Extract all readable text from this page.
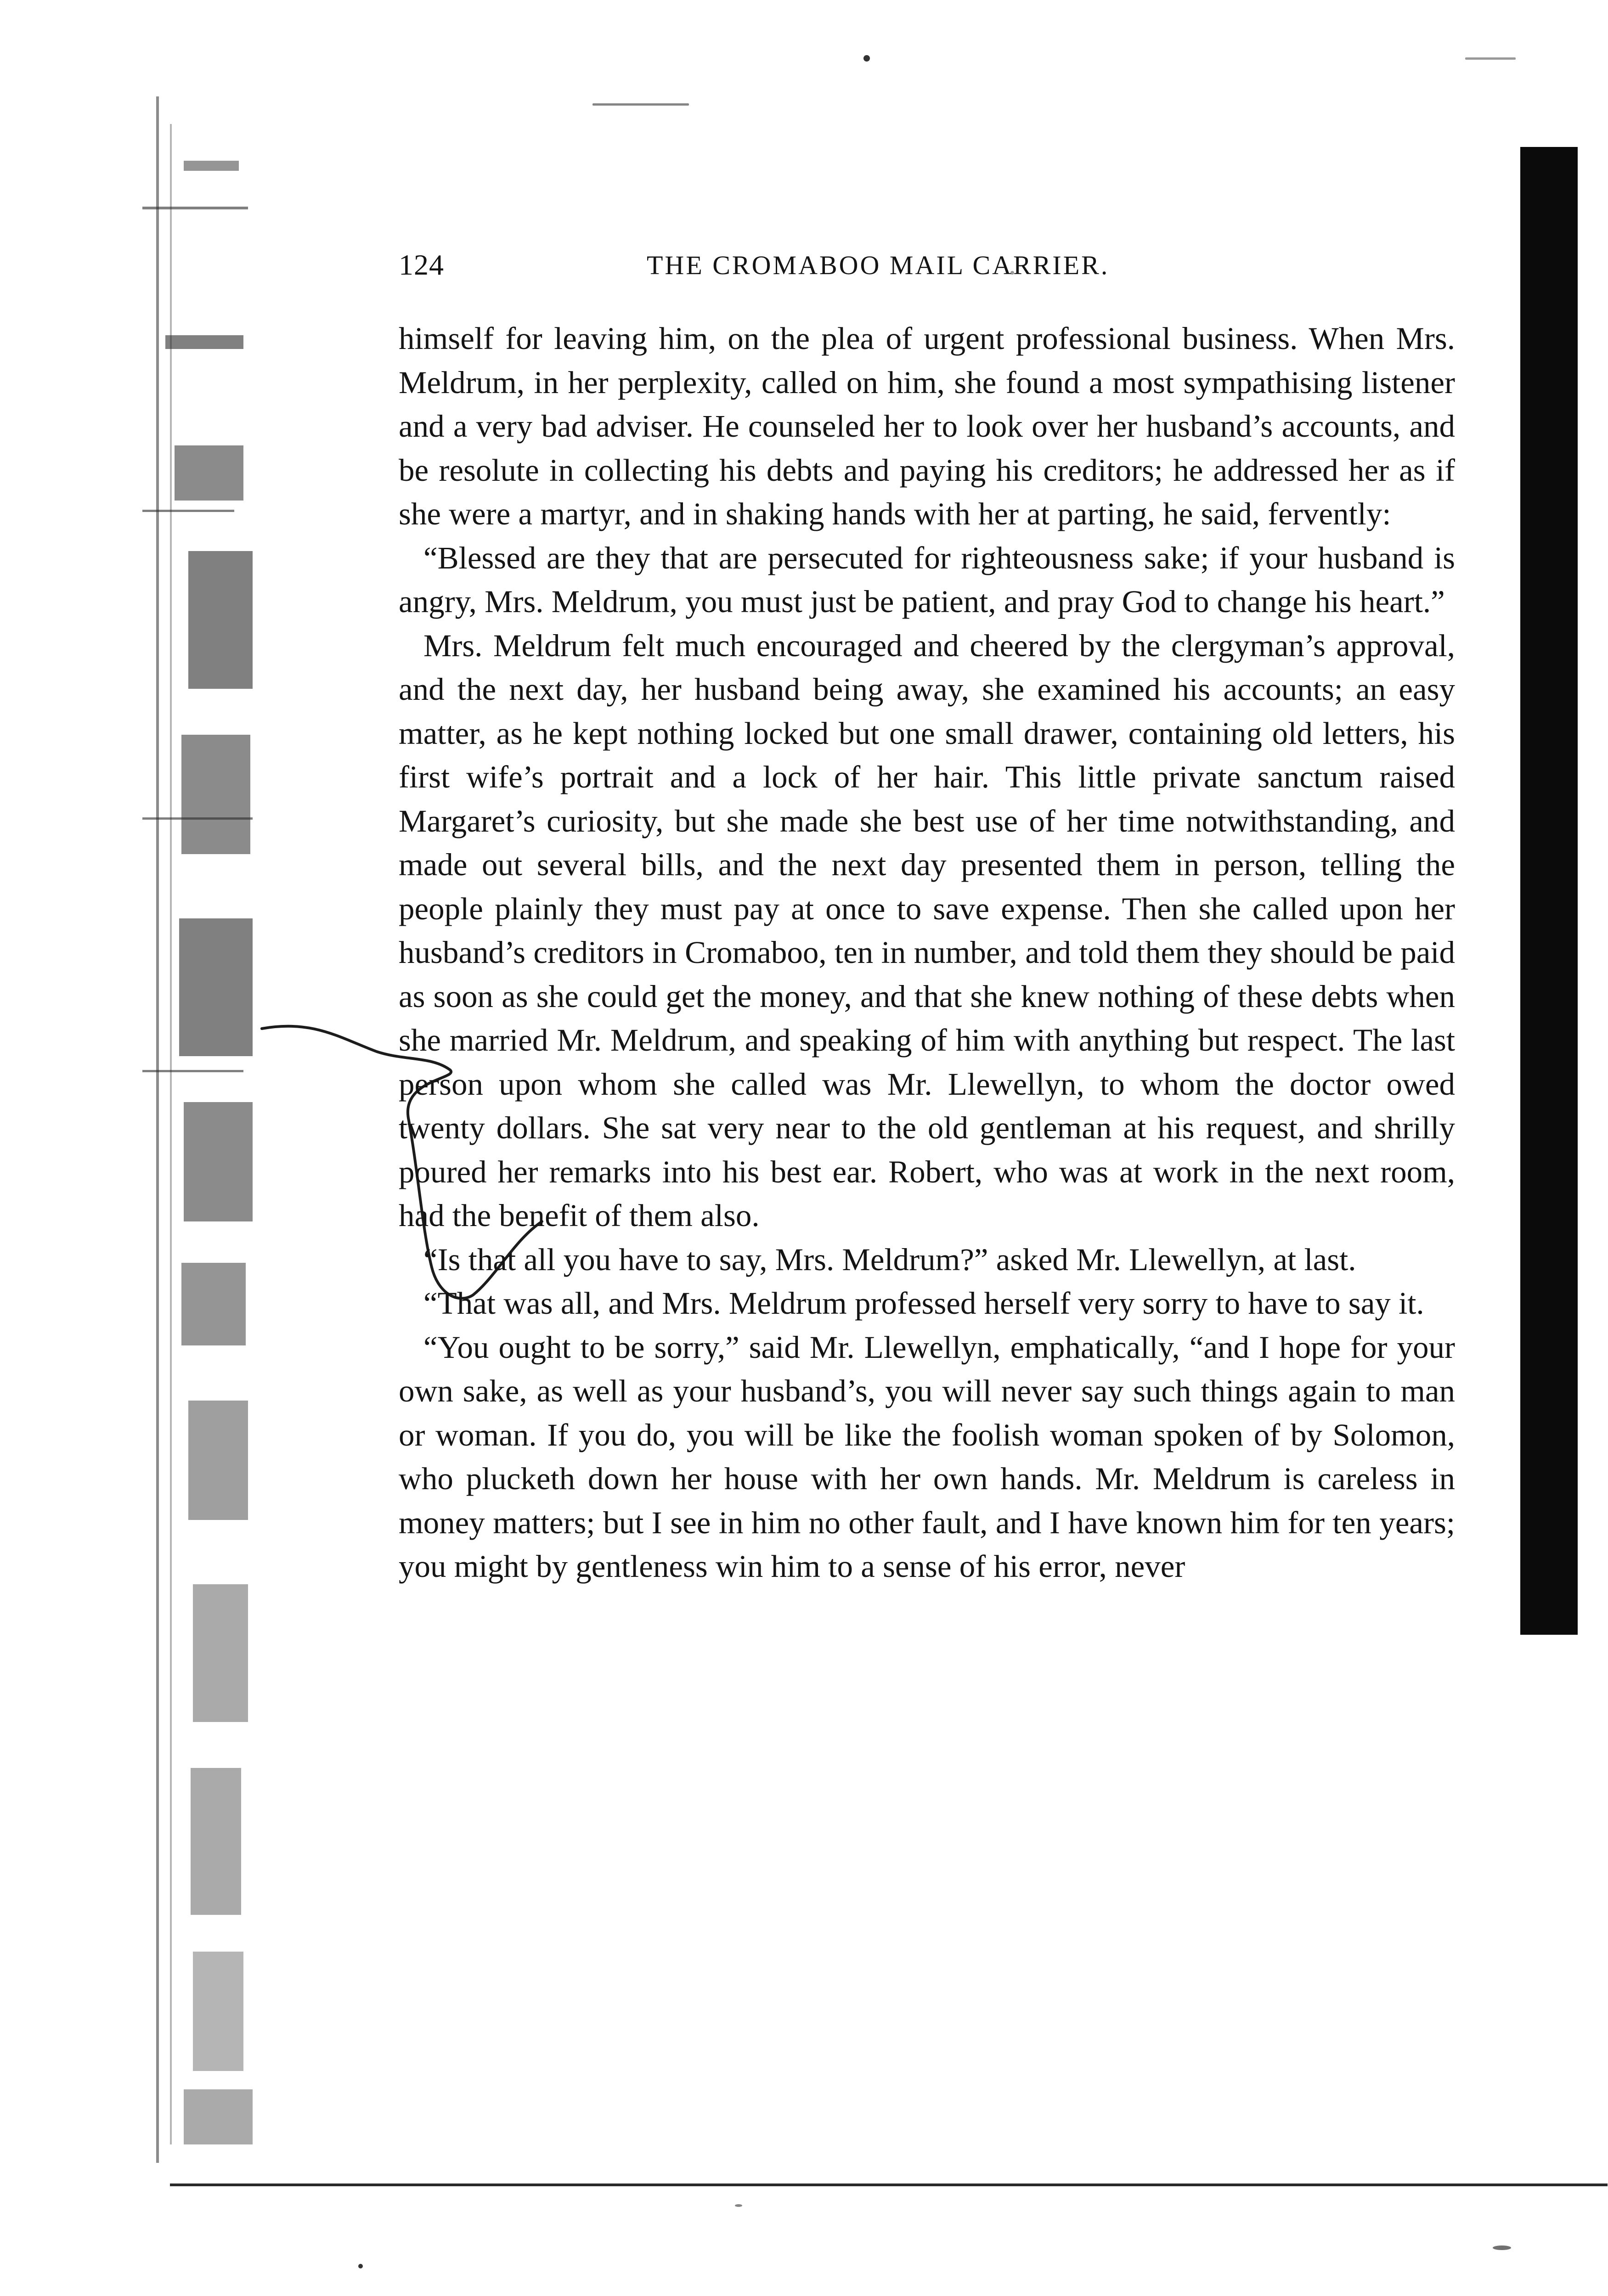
124	THE CROMABOO MAIL CARRIER.

himself for leaving him, on the plea of urgent professional business. When Mrs. Meldrum, in her perplexity, called on him, she found a most sympathising listener and a very bad adviser. He counseled her to look over her husband’s accounts, and be resolute in collecting his debts and paying his creditors; he addressed her as if she were a martyr, and in shaking hands with her at parting, he said, fervently:

“Blessed are they that are persecuted for righteousness sake; if your husband is angry, Mrs. Meldrum, you must just be patient, and pray God to change his heart.”

Mrs. Meldrum felt much encouraged and cheered by the clergyman’s approval, and the next day, her husband being away, she examined his accounts; an easy matter, as he kept nothing locked but one small drawer, containing old letters, his first wife’s portrait and a lock of her hair. This little private sanctum raised Margaret’s curiosity, but she made she best use of her time notwithstanding, and made out several bills, and the next day presented them in person, telling the people plainly they must pay at once to save expense. Then she called upon her husband’s creditors in Cromaboo, ten in number, and told them they should be paid as soon as she could get the money, and that she knew nothing of these debts when she married Mr. Meldrum, and speaking of him with anything but respect. The last person upon whom she called was Mr. Llewellyn, to whom the doctor owed twenty dollars. She sat very near to the old gentleman at his request, and shrilly poured her remarks into his best ear. Robert, who was at work in the next room, had the benefit of them also.

“Is that all you have to say, Mrs. Meldrum?” asked Mr. Llewellyn, at last.

“That was all, and Mrs. Meldrum professed herself very sorry to have to say it.

“You ought to be sorry,” said Mr. Llewellyn, emphatically, “and I hope for your own sake, as well as your husband’s, you will never say such things again to man or woman. If you do, you will be like the foolish woman spoken of by Solomon, who plucketh down her house with her own hands. Mr. Meldrum is careless in money matters; but I see in him no other fault, and I have known him for ten years; you might by gentleness win him to a sense of his error, never
